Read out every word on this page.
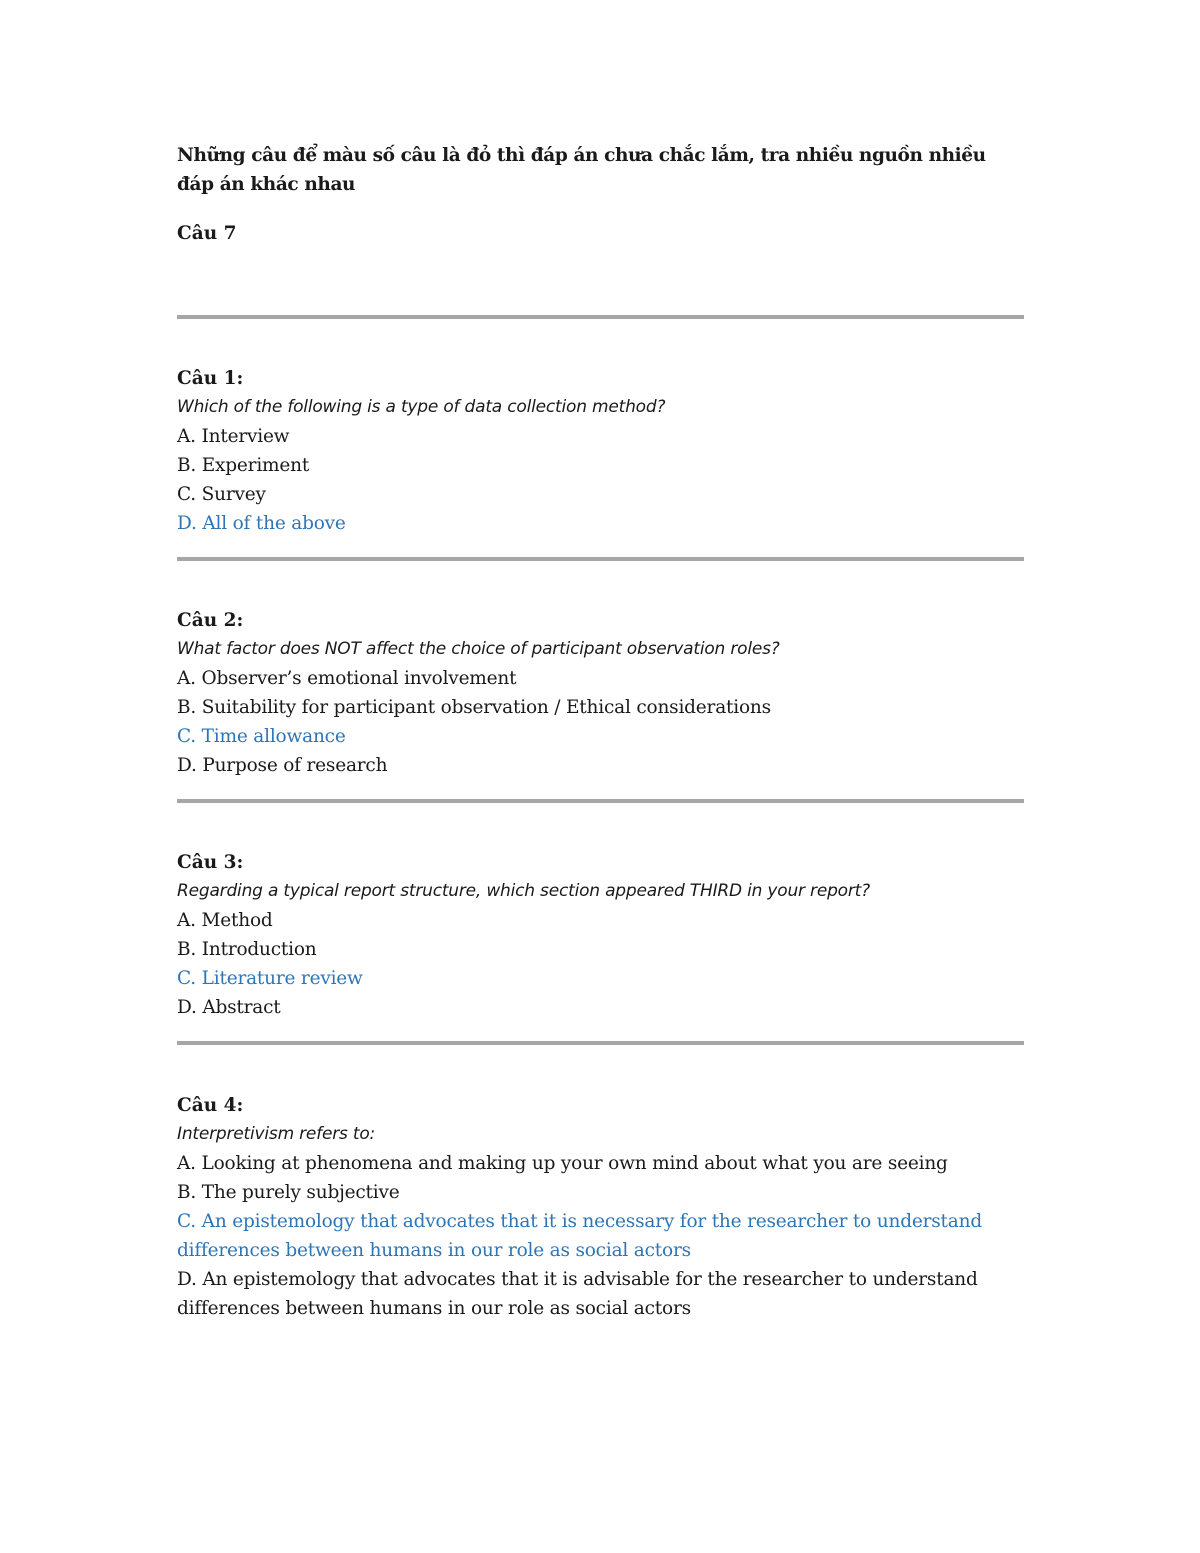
Những câu để màu số câu là đỏ thì đáp án chưa chắc lắm, tra nhiều nguồn nhiều đáp án khác nhau
Câu 7
Câu 1:
Which of the following is a type of data collection method?
A. Interview
B. Experiment
C. Survey
D. All of the above
Câu 2:
What factor does NOT affect the choice of participant observation roles?
A. Observer’s emotional involvement
B. Suitability for participant observation / Ethical considerations
C. Time allowance
D. Purpose of research
Câu 3:
Regarding a typical report structure, which section appeared THIRD in your report?
A. Method
B. Introduction
C. Literature review
D. Abstract
Câu 4:
Interpretivism refers to:
A. Looking at phenomena and making up your own mind about what you are seeing
B. The purely subjective
C. An epistemology that advocates that it is necessary for the researcher to understand differences between humans in our role as social actors
D. An epistemology that advocates that it is advisable for the researcher to understand differences between humans in our role as social actors
